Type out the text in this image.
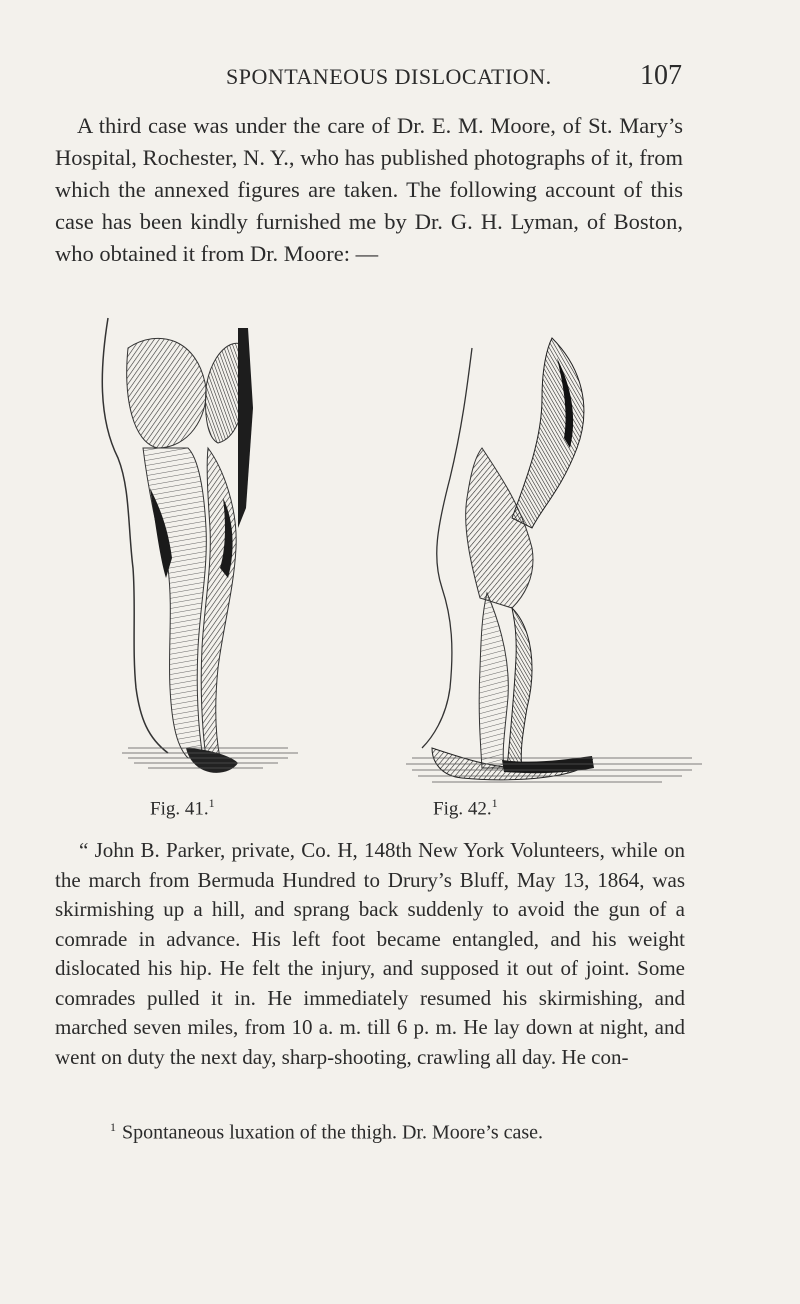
SPONTANEOUS DISLOCATION.	107

A third case was under the care of Dr. E. M. Moore, of St. Mary’s Hospital, Rochester, N. Y., who has published photographs of it, from which the annexed figures are taken. The following account of this case has been kindly furnished me by Dr. G. H. Lyman, of Boston, who obtained it from Dr. Moore: —

Fig. 41.$^1$	Fig. 42.$^1$

“ John B. Parker, private, Co. H, 148th New York Volunteers, while on the march from Bermuda Hundred to Drury’s Bluff, May 13, 1864, was skirmishing up a hill, and sprang back suddenly to avoid the gun of a comrade in advance. His left foot became entangled, and his weight dislocated his hip. He felt the injury, and supposed it out of joint. Some comrades pulled it in. He immediately resumed his skirmishing, and marched seven miles, from 10 a. m. till 6 p. m. He lay down at night, and went on duty the next day, sharp-shooting, crawling all day. He con-

$^1$ Spontaneous luxation of the thigh. Dr. Moore’s case.
